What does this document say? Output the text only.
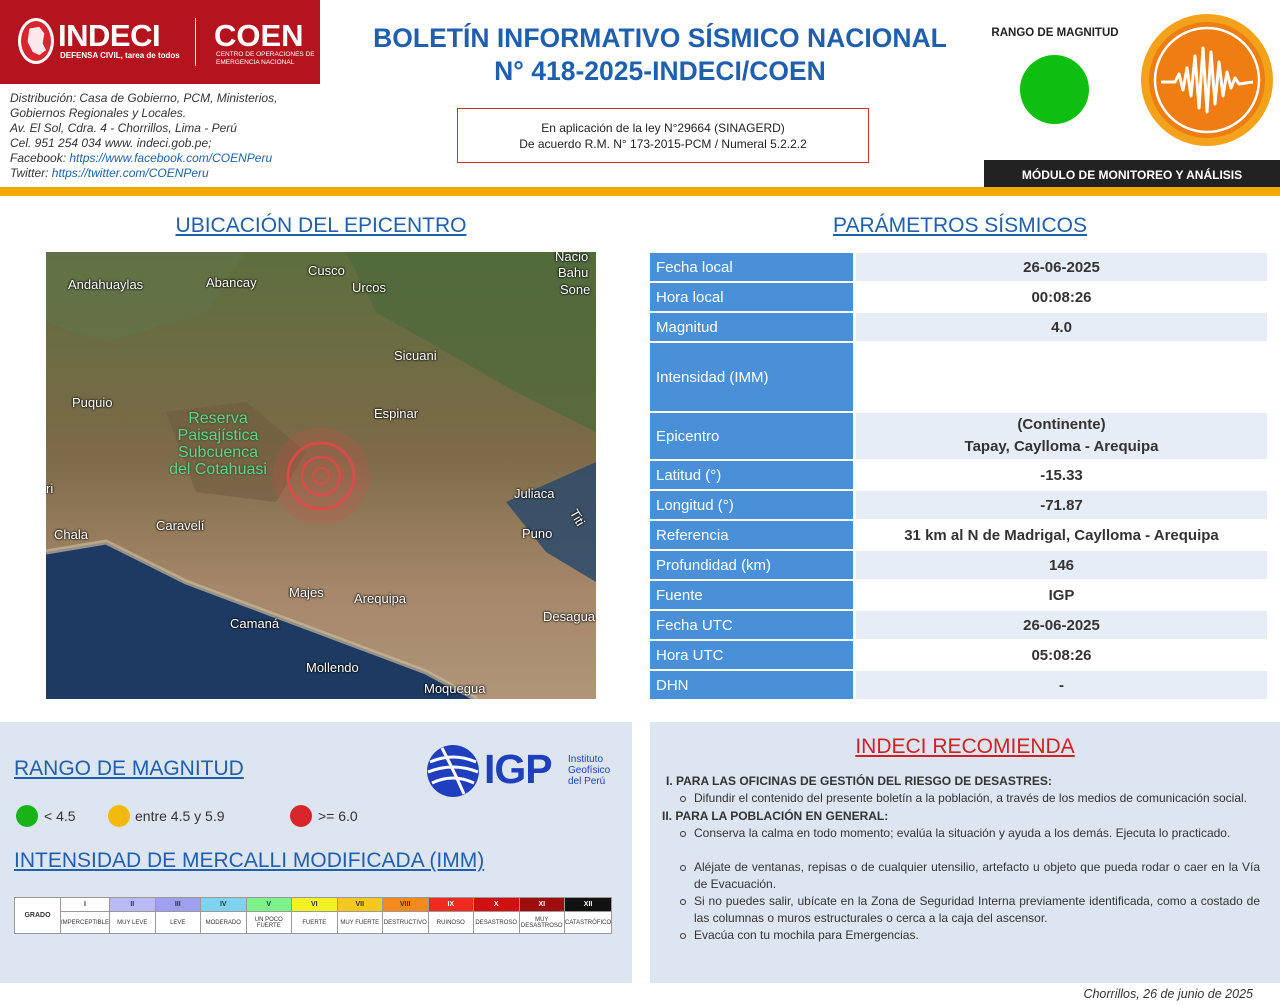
INDECI
DEFENSA CIVIL, tarea de todos
COEN
CENTRO DE OPERACIONES DE EMERGENCIA NACIONAL
Distribución: Casa de Gobierno, PCM, Ministerios,
Gobiernos Regionales y Locales.
Av. El Sol, Cdra. 4 - Chorrillos, Lima - Perú
Cel. 951 254 034 www. indeci.gob.pe;
Facebook: https://www.facebook.com/COENPeru
Twitter: https://twitter.com/COENPeru
BOLETÍN INFORMATIVO SÍSMICO NACIONAL
N° 418-2025-INDECI/COEN
En aplicación de la ley N°29664 (SINAGERD)
De acuerdo R.M. N° 173-2015-PCM / Numeral 5.2.2.2
RANGO DE MAGNITUD
MÓDULO DE MONITOREO Y ANÁLISIS
UBICACIÓN DEL EPICENTRO
Andahuaylas	Abancay
Cusco
Urcos
Nacio
Bahu
Sone
Sicuani
Puquio
Espinar
Reserva
Paisajística
Subcuenca
del Cotahuasi
ri	Juliaca
Titi
Chala
Caravelí
Puno
Majes Arequipa
Camaná	Desagua
Mollendo
Moquegua
PARÁMETROS SÍSMICOS
Fecha local	26-06-2025
Hora local	00:08:26
Magnitud	4.0
Intensidad (IMM)	
Epicentro	(Continente)
Tapay, Caylloma - Arequipa

Latitud (°)	-15.33
Longitud (°)	-71.87
Referencia	31 km al N de Madrigal, Caylloma - Arequipa
Profundidad (km)	146
Fuente	IGP
Fecha UTC	26-06-2025
Hora UTC	05:08:26
DHN	-
RANGO DE MAGNITUD
< 4.5	entre 4.5 y 5.9	>= 6.0
INTENSIDAD DE MERCALLI MODIFICADA (IMM)
GRADO	I	II	III	IV	V	VI	VII	VIII	IX	X	XI	XII
	IMPERCEPTIBLE	MUY LEVE	LEVE	MODERADO	UN POCO FUERTE	FUERTE	MUY FUERTE	DESTRUCTIVO	RUINOSO	DESASTROSO	MUY DESASTROSO	CATASTRÓFICO
IGP Instituto
Geofísico
del Perú
INDECI RECOMIENDA
I. PARA LAS OFICINAS DE GESTIÓN DEL RIESGO DE DESASTRES:
Difundir el contenido del presente boletín a la población, a través de los medios de comunicación social.
II. PARA LA POBLACIÓN EN GENERAL:
Conserva la calma en todo momento; evalúa la situación y ayuda a los demás. Ejecuta lo practicado.
Aléjate de ventanas, repisas o de cualquier utensilio, artefacto u objeto que pueda rodar o caer en la Vía de Evacuación.
Si no puedes salir, ubícate en la Zona de Seguridad Interna previamente identificada, como a costado de las columnas o muros estructurales o cerca a la caja del ascensor.
Evacúa con tu mochila para Emergencias.
Chorrillos, 26 de junio de 2025
